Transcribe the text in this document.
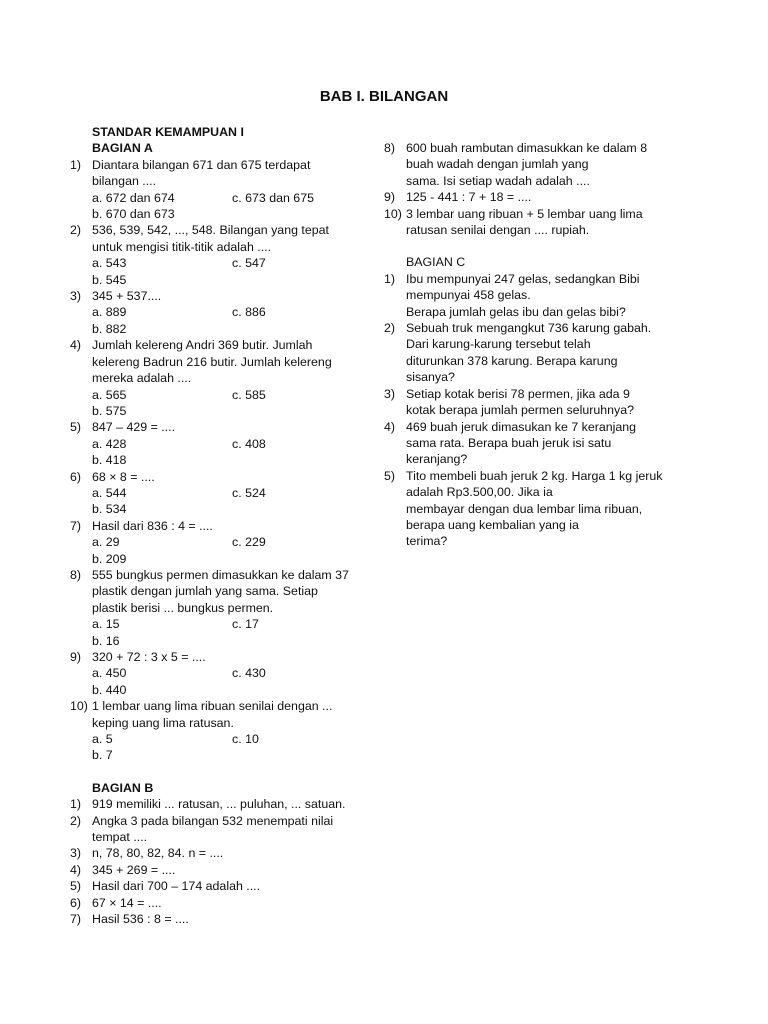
BAB I. BILANGAN
STANDAR KEMAMPUAN I
BAGIAN A
1) Diantara bilangan 671 dan 675 terdapat
bilangan ....
a. 672 dan 674	c. 673 dan 675
b. 670 dan 673
2) 536, 539, 542, ..., 548. Bilangan yang tepat
untuk mengisi titik-titik adalah ....
a. 543	c. 547
b. 545
3) 345 + 537....
a. 889	c. 886
b. 882
4) Jumlah kelereng Andri 369 butir. Jumlah
kelereng Badrun 216 butir. Jumlah kelereng
mereka adalah ....
a. 565	c. 585
b. 575
5) 847 – 429 = ....
a. 428	c. 408
b. 418
6) 68 × 8 = ....
a. 544	c. 524
b. 534
7) Hasil dari 836 : 4 = ....
a. 29	c. 229
b. 209
8) 555 bungkus permen dimasukkan ke dalam 37
plastik dengan jumlah yang sama. Setiap
plastik berisi ... bungkus permen.
a. 15	c. 17
b. 16
9) 320 + 72 : 3 x 5 = ....
a. 450	c. 430
b. 440
10) 1 lembar uang lima ribuan senilai dengan ...
keping uang lima ratusan.
a. 5	c. 10
b. 7
BAGIAN B
1) 919 memiliki ... ratusan, ... puluhan, ... satuan.
2) Angka 3 pada bilangan 532 menempati nilai
tempat ....
3) n, 78, 80, 82, 84. n = ....
4) 345 + 269 = ....
5) Hasil dari 700 – 174 adalah ....
6) 67 × 14 = ....
7) Hasil 536 : 8 = ....
8) 600 buah rambutan dimasukkan ke dalam 8
buah wadah dengan jumlah yang
sama. Isi setiap wadah adalah ....
9) 125 - 441 : 7 + 18 = ....
10) 3 lembar uang ribuan + 5 lembar uang lima
ratusan senilai dengan .... rupiah.
BAGIAN C
1) Ibu mempunyai 247 gelas, sedangkan Bibi
mempunyai 458 gelas.
Berapa jumlah gelas ibu dan gelas bibi?
2) Sebuah truk mengangkut 736 karung gabah.
Dari karung-karung tersebut telah
diturunkan 378 karung. Berapa karung
sisanya?
3) Setiap kotak berisi 78 permen, jika ada 9
kotak berapa jumlah permen seluruhnya?
4) 469 buah jeruk dimasukan ke 7 keranjang
sama rata. Berapa buah jeruk isi satu
keranjang?
5) Tito membeli buah jeruk 2 kg. Harga 1 kg jeruk
adalah Rp3.500,00. Jika ia
membayar dengan dua lembar lima ribuan,
berapa uang kembalian yang ia
terima?
